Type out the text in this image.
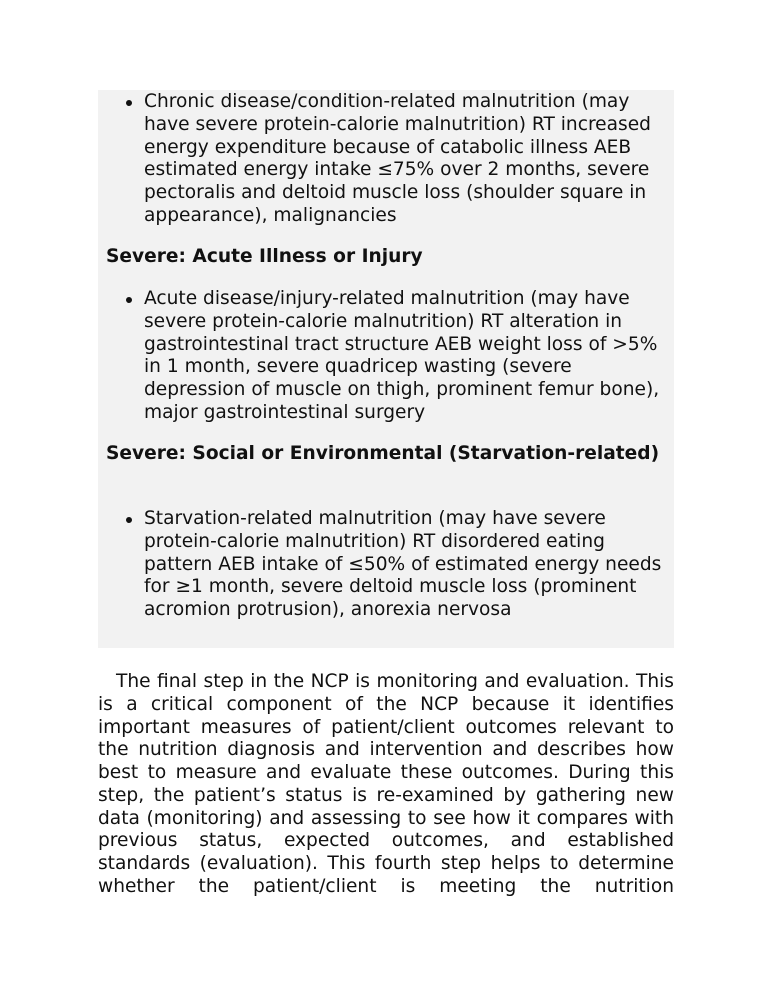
Chronic disease/condition-related malnutrition (may have severe protein-calorie malnutrition) RT increased energy expenditure because of catabolic illness AEB estimated energy intake ≤75% over 2 months, severe pectoralis and deltoid muscle loss (shoulder square in appearance), malignancies
Severe: Acute Illness or Injury
Acute disease/injury-related malnutrition (may have severe protein-calorie malnutrition) RT alteration in gastrointestinal tract structure AEB weight loss of >5% in 1 month, severe quadricep wasting (severe depression of muscle on thigh, prominent femur bone), major gastrointestinal surgery
Severe: Social or Environmental (Starvation-related)
Starvation-related malnutrition (may have severe protein-calorie malnutrition) RT disordered eating pattern AEB intake of ≤50% of estimated energy needs for ≥1 month, severe deltoid muscle loss (prominent acromion protrusion), anorexia nervosa

The final step in the NCP is monitoring and evaluation. This is a critical component of the NCP because it identifies important measures of patient/client outcomes relevant to the nutrition diagnosis and intervention and describes how best to measure and evaluate these outcomes. During this step, the patient’s status is re-examined by gathering new data (monitoring) and assessing to see how it compares with previous status, expected outcomes, and established standards (evaluation). This fourth step helps to determine whether the patient/client is meeting the nutrition
